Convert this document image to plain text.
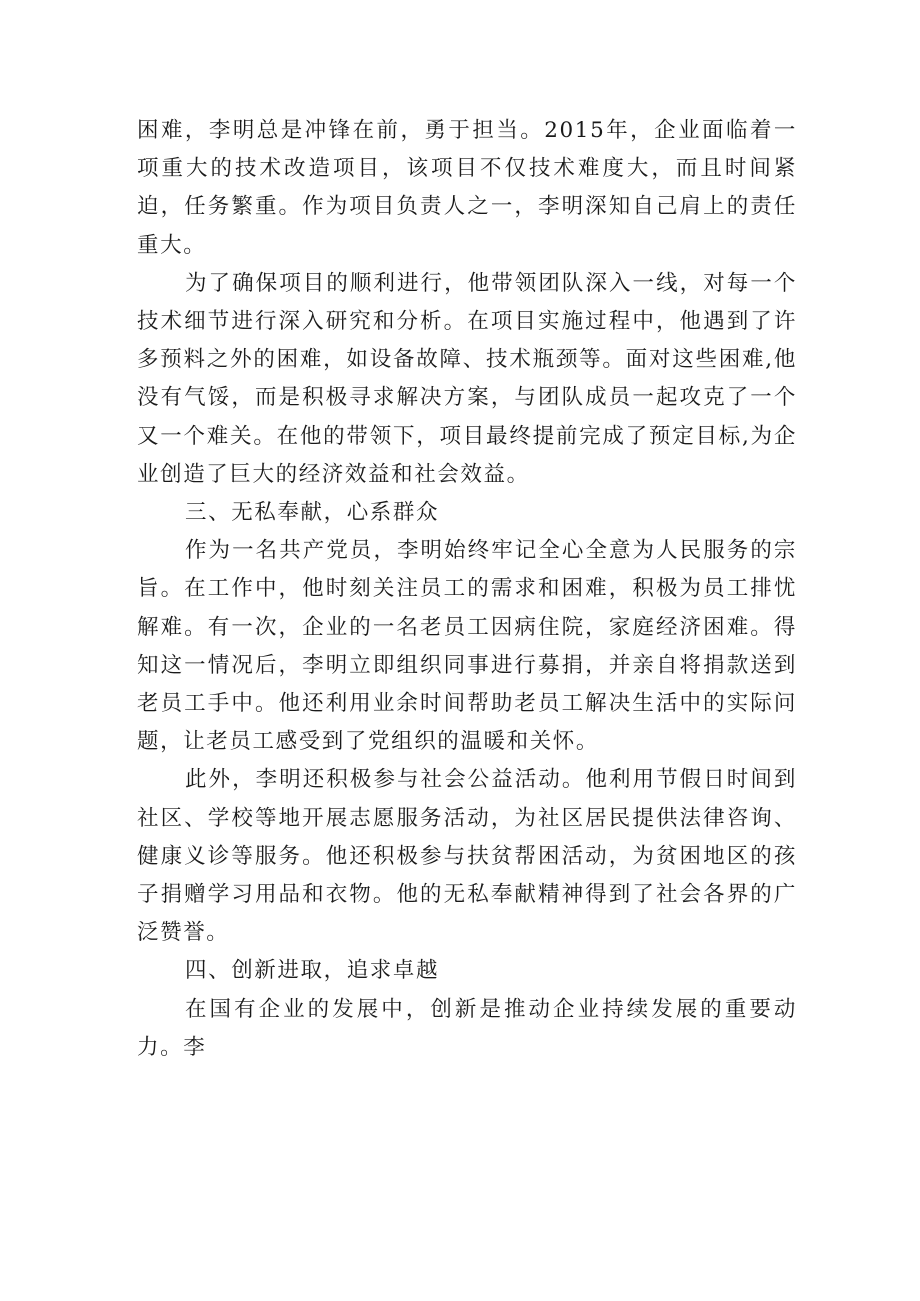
困难，李明总是冲锋在前，勇于担当。2015年，企业面临着一项重大的技术改造项目，该项目不仅技术难度大，而且时间紧迫，任务繁重。作为项目负责人之一，李明深知自己肩上的责任重大。

为了确保项目的顺利进行，他带领团队深入一线，对每一个技术细节进行深入研究和分析。在项目实施过程中，他遇到了许多预料之外的困难，如设备故障、技术瓶颈等。面对这些困难,他没有气馁，而是积极寻求解决方案，与团队成员一起攻克了一个又一个难关。在他的带领下，项目最终提前完成了预定目标,为企业创造了巨大的经济效益和社会效益。

三、无私奉献，心系群众

作为一名共产党员，李明始终牢记全心全意为人民服务的宗旨。在工作中，他时刻关注员工的需求和困难，积极为员工排忧解难。有一次，企业的一名老员工因病住院，家庭经济困难。得知这一情况后，李明立即组织同事进行募捐，并亲自将捐款送到老员工手中。他还利用业余时间帮助老员工解决生活中的实际问题，让老员工感受到了党组织的温暖和关怀。

此外，李明还积极参与社会公益活动。他利用节假日时间到社区、学校等地开展志愿服务活动，为社区居民提供法律咨询、健康义诊等服务。他还积极参与扶贫帮困活动，为贫困地区的孩子捐赠学习用品和衣物。他的无私奉献精神得到了社会各界的广泛赞誉。

四、创新进取，追求卓越

在国有企业的发展中，创新是推动企业持续发展的重要动力。李
